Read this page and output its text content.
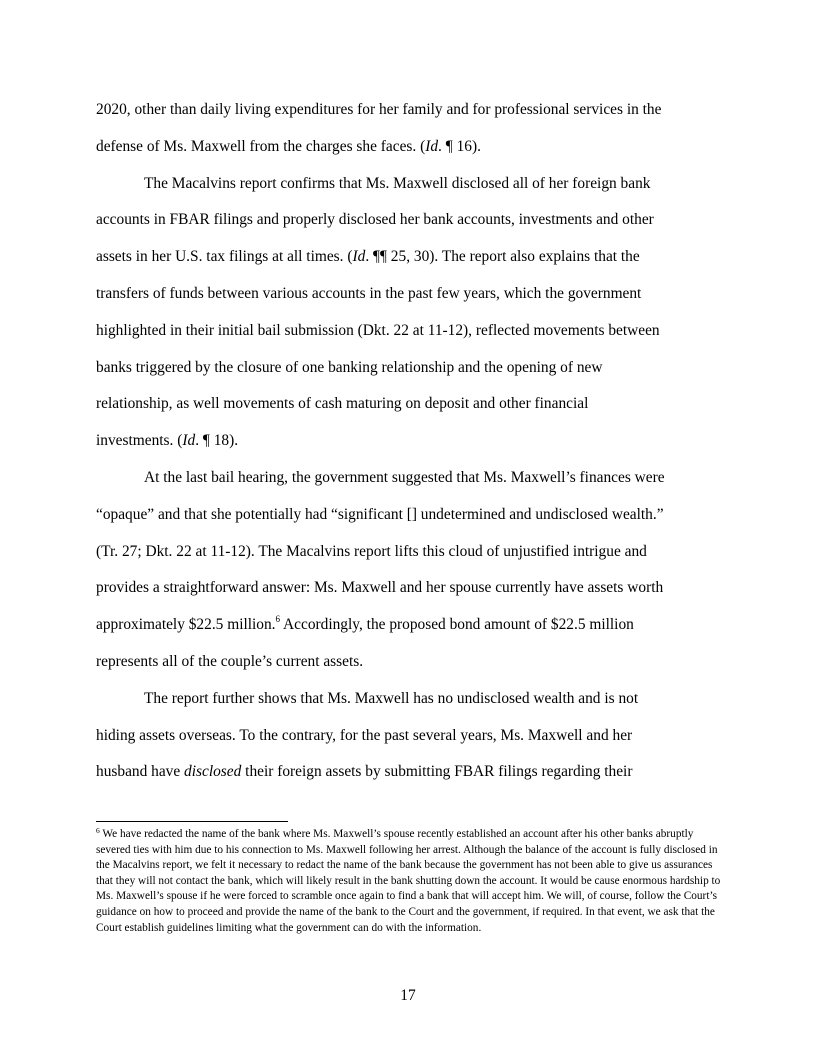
2020, other than daily living expenditures for her family and for professional services in the
defense of Ms. Maxwell from the charges she faces. (Id. ¶ 16).
The Macalvins report confirms that Ms. Maxwell disclosed all of her foreign bank
accounts in FBAR filings and properly disclosed her bank accounts, investments and other
assets in her U.S. tax filings at all times. (Id. ¶¶ 25, 30). The report also explains that the
transfers of funds between various accounts in the past few years, which the government
highlighted in their initial bail submission (Dkt. 22 at 11-12), reflected movements between
banks triggered by the closure of one banking relationship and the opening of new
relationship, as well movements of cash maturing on deposit and other financial
investments. (Id. ¶ 18).
At the last bail hearing, the government suggested that Ms. Maxwell’s finances were
“opaque” and that she potentially had “significant [] undetermined and undisclosed wealth.”
(Tr. 27; Dkt. 22 at 11-12). The Macalvins report lifts this cloud of unjustified intrigue and
provides a straightforward answer: Ms. Maxwell and her spouse currently have assets worth
approximately $22.5 million.$^6$ Accordingly, the proposed bond amount of $22.5 million
represents all of the couple’s current assets.
The report further shows that Ms. Maxwell has no undisclosed wealth and is not
hiding assets overseas. To the contrary, for the past several years, Ms. Maxwell and her
husband have disclosed their foreign assets by submitting FBAR filings regarding their

$^6$ We have redacted the name of the bank where Ms. Maxwell’s spouse recently established an account after his other banks abruptly severed ties with him due to his connection to Ms. Maxwell following her arrest. Although the balance of the account is fully disclosed in the Macalvins report, we felt it necessary to redact the name of the bank because the government has not been able to give us assurances that they will not contact the bank, which will likely result in the bank shutting down the account. It would be cause enormous hardship to Ms. Maxwell’s spouse if he were forced to scramble once again to find a bank that will accept him. We will, of course, follow the Court’s guidance on how to proceed and provide the name of the bank to the Court and the government, if required. In that event, we ask that the Court establish guidelines limiting what the government can do with the information.

17
